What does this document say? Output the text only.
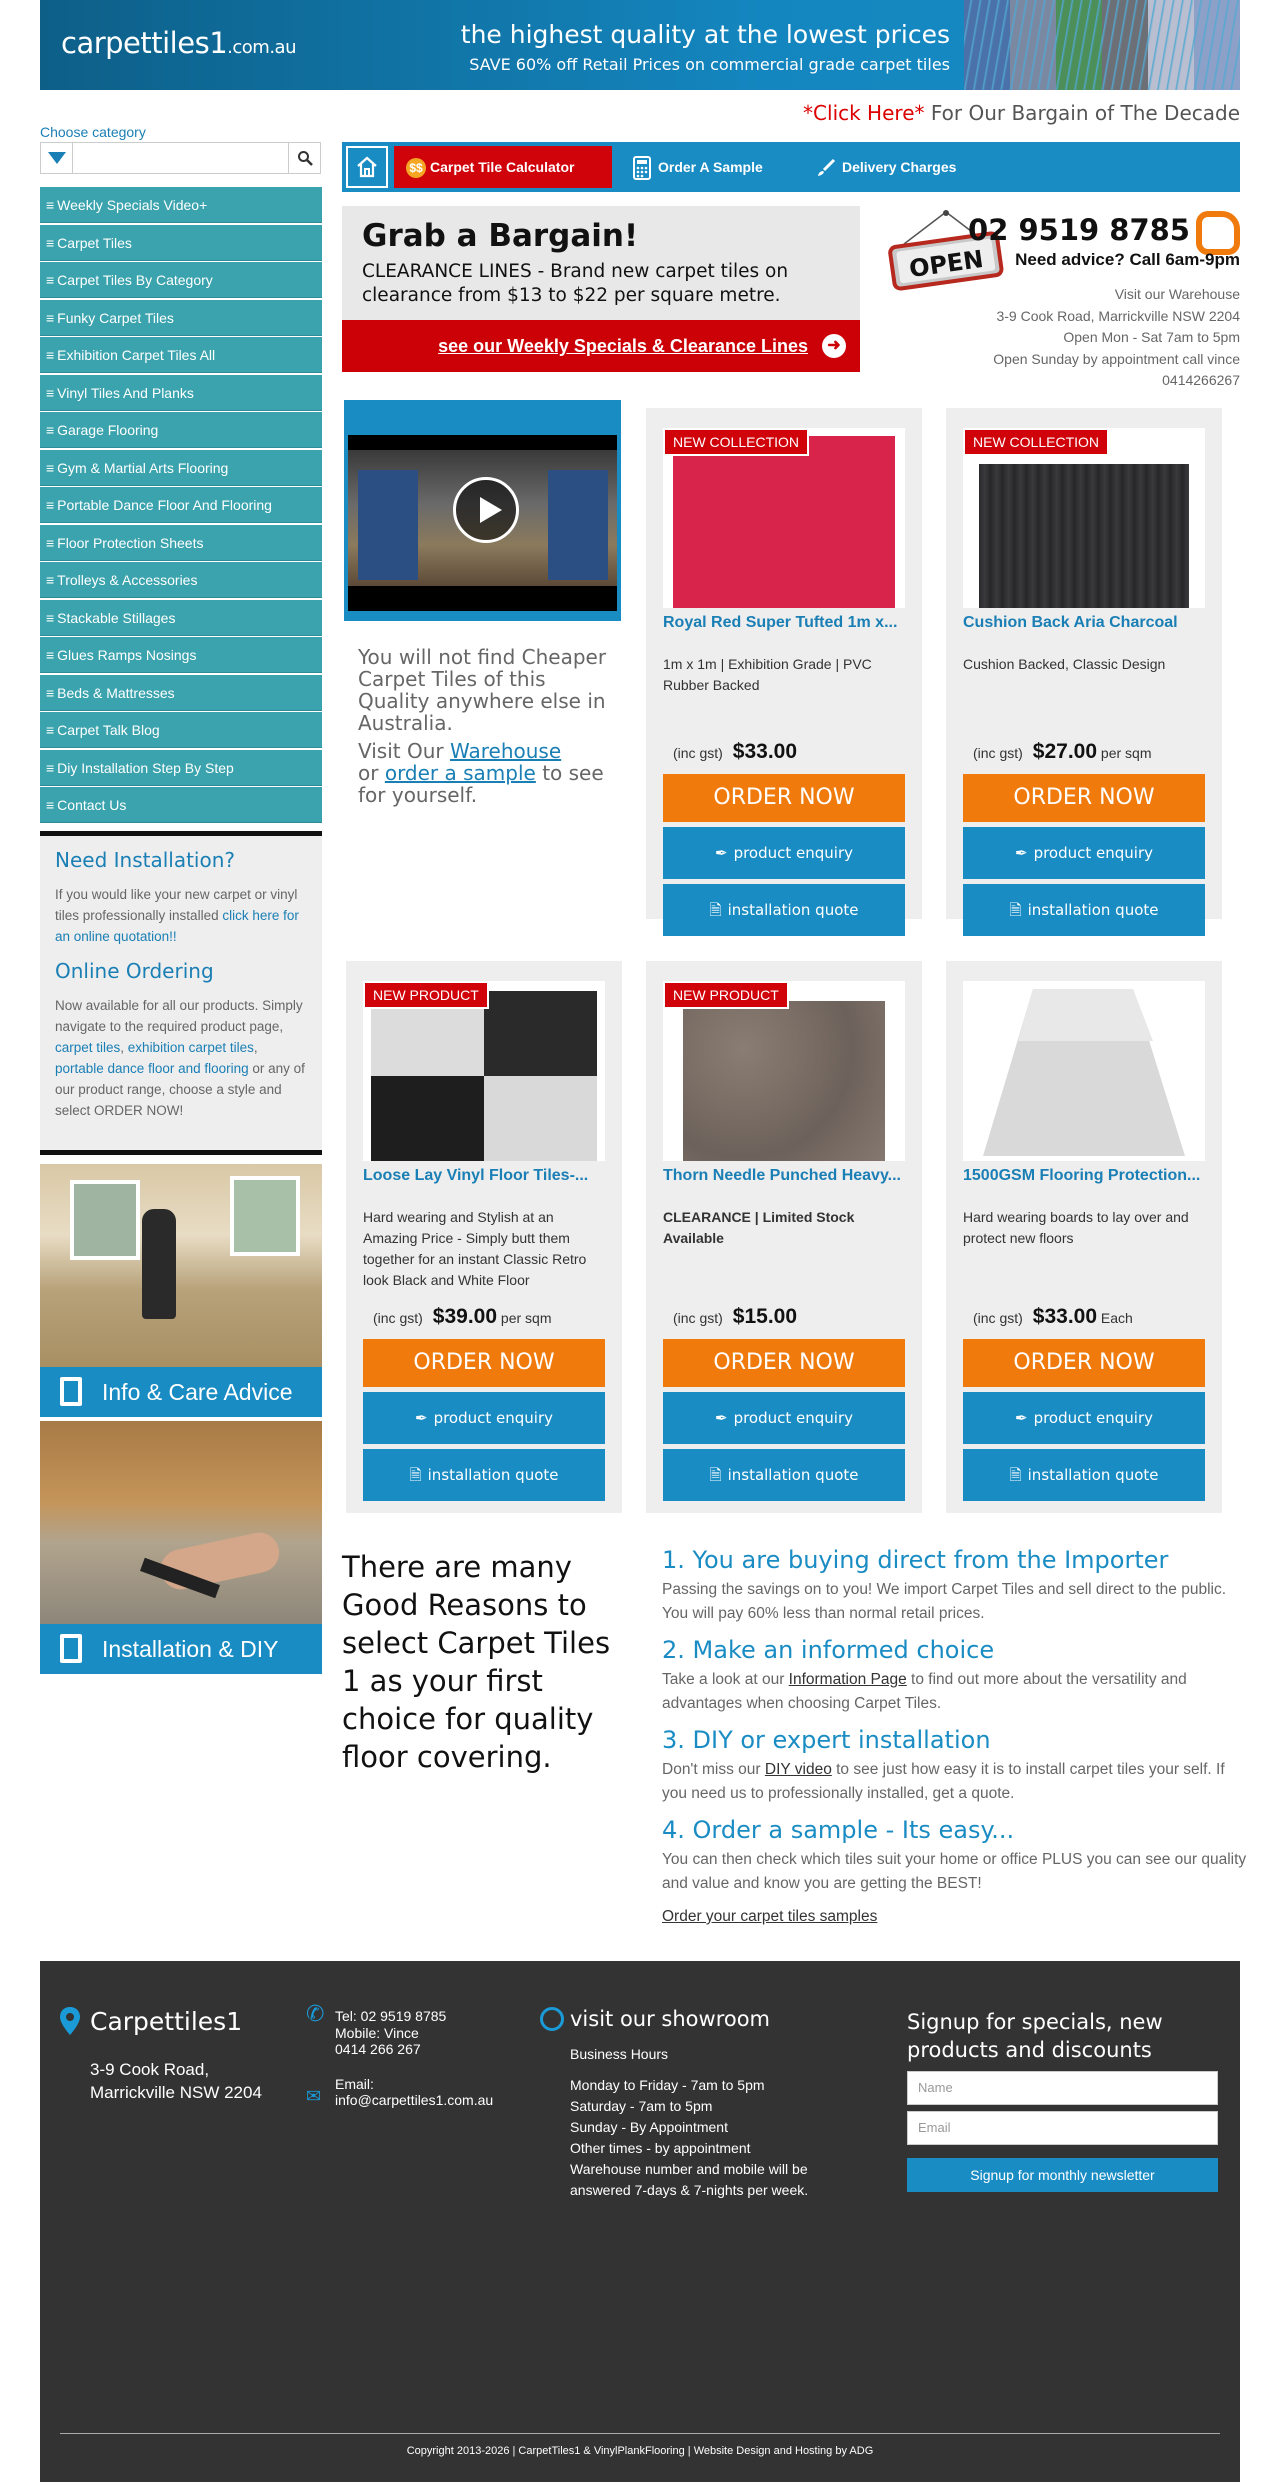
carpettiles1.com.au	the highest quality at the lowest prices
SAVE 60% off Retail Prices on commercial grade carpet tiles
*Click Here* For Our Bargain of The Decade
Choose category
≡ Weekly Specials Video+
≡ Carpet Tiles
≡ Carpet Tiles By Category
≡ Funky Carpet Tiles
≡ Exhibition Carpet Tiles All
≡ Vinyl Tiles And Planks
≡ Garage Flooring
≡ Gym & Martial Arts Flooring
≡ Portable Dance Floor And Flooring
≡ Floor Protection Sheets
≡ Trolleys & Accessories
≡ Stackable Stillages
≡ Glues Ramps Nosings
≡ Beds & Mattresses
≡ Carpet Talk Blog
≡ Diy Installation Step By Step
≡ Contact Us
Need Installation?

If you would like your new carpet or vinyl tiles professionally installed click here for an online quotation!!

Online Ordering

Now available for all our products. Simply navigate to the required product page, carpet tiles, exhibition carpet tiles, portable dance floor and flooring or any of our product range, choose a style and select ORDER NOW!

Info & Care Advice
Installation & DIY
$$ Carpet Tile Calculator	Order A Sample	Delivery Charges
Grab a Bargain!

CLEARANCE LINES - Brand new carpet tiles on clearance from $13 to $22 per square metre.

see our Weekly Specials & Clearance Lines	➜
OPEN
02 9519 8785
Need advice? Call 6am-9pm
Visit our Warehouse
3-9 Cook Road, Marrickville NSW 2204
Open Mon - Sat 7am to 5pm
Open Sunday by appointment call vince
0414266267
You will not find Cheaper Carpet Tiles of this Quality anywhere else in Australia.
Visit Our Warehouse
or order a sample to see for yourself.
NEW COLLECTION
Royal Red Super Tufted 1m x...
1m x 1m | Exhibition Grade | PVC Rubber Backed
(inc gst) $33.00
ORDER NOW
✒ product enquiry
🗎 installation quote
NEW COLLECTION
Cushion Back Aria Charcoal
Cushion Backed, Classic Design
(inc gst) $27.00 per sqm
ORDER NOW
✒ product enquiry
🗎 installation quote
NEW PRODUCT
Loose Lay Vinyl Floor Tiles-...
Hard wearing and Stylish at an Amazing Price - Simply butt them together for an instant Classic Retro look Black and White Floor
(inc gst) $39.00 per sqm
ORDER NOW
✒ product enquiry
🗎 installation quote
NEW PRODUCT
Thorn Needle Punched Heavy...
CLEARANCE | Limited Stock Available
(inc gst) $15.00
ORDER NOW
✒ product enquiry
🗎 installation quote
1500GSM Flooring Protection...
Hard wearing boards to lay over and protect new floors
(inc gst) $33.00 Each
ORDER NOW
✒ product enquiry
🗎 installation quote
There are many Good Reasons to select Carpet Tiles 1 as your first choice for quality floor covering.
1. You are buying direct from the Importer

Passing the savings on to you! We import Carpet Tiles and sell direct to the public. You will pay 60% less than normal retail prices.

2. Make an informed choice

Take a look at our Information Page to find out more about the versatility and advantages when choosing Carpet Tiles.

3. DIY or expert installation

Don't miss our DIY video to see just how easy it is to install carpet tiles your self. If you need us to professionally installed, get a quote.

4. Order a sample - Its easy...

You can then check which tiles suit your home or office PLUS you can see our quality and value and know you are getting the BEST!

Order your carpet tiles samples
Carpettiles1
3-9 Cook Road,
Marrickville NSW 2204
✆ Tel: 02 9519 8785
Mobile: Vince
0414 266 267
✉
Email:
info@carpettiles1.com.au
visit our showroom
Business Hours
Monday to Friday - 7am to 5pm
Saturday - 7am to 5pm
Sunday - By Appointment
Other times - by appointment
Warehouse number and mobile will be answered 7-days & 7-nights per week.
Signup for specials, new products and discounts
Name
Email
Signup for monthly newsletter
Copyright 2013-2026 | CarpetTiles1 & VinylPlankFlooring | Website Design and Hosting by ADG
